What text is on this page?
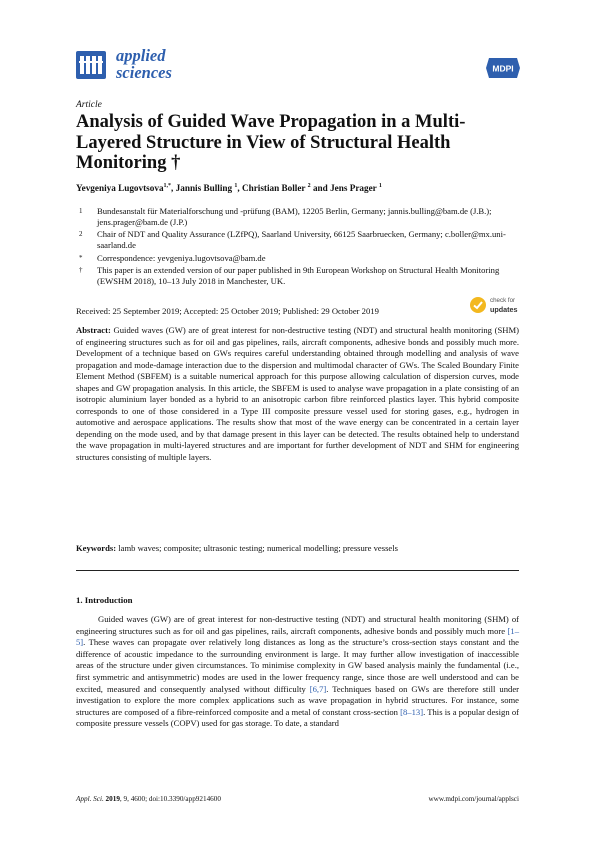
applied
sciences	MDPI
Article
Analysis of Guided Wave Propagation in a Multi-Layered Structure in View of Structural Health Monitoring †
Yevgeniya Lugovtsova$^{1,*}$, Jannis Bulling $^1$, Christian Boller $^2$ and Jens Prager $^1$
1	Bundesanstalt für Materialforschung und -prüfung (BAM), 12205 Berlin, Germany; jannis.bulling@bam.de (J.B.); jens.prager@bam.de (J.P.)
2	Chair of NDT and Quality Assurance (LZfPQ), Saarland University, 66125 Saarbruecken, Germany; c.boller@mx.uni-saarland.de
*	Correspondence: yevgeniya.lugovtsova@bam.de
†	This paper is an extended version of our paper published in 9th European Workshop on Structural Health Monitoring (EWSHM 2018), 10–13 July 2018 in Manchester, UK.
Received: 25 September 2019; Accepted: 25 October 2019; Published: 29 October 2019
check for
updates
Abstract: Guided waves (GW) are of great interest for non-destructive testing (NDT) and structural health monitoring (SHM) of engineering structures such as for oil and gas pipelines, rails, aircraft components, adhesive bonds and possibly much more. Development of a technique based on GWs requires careful understanding obtained through modelling and analysis of wave propagation and mode-damage interaction due to the dispersion and multimodal character of GWs. The Scaled Boundary Finite Element Method (SBFEM) is a suitable numerical approach for this purpose allowing calculation of dispersion curves, mode shapes and GW propagation analysis. In this article, the SBFEM is used to analyse wave propagation in a plate consisting of an isotropic aluminium layer bonded as a hybrid to an anisotropic carbon fibre reinforced plastics layer. This hybrid composite corresponds to one of those considered in a Type III composite pressure vessel used for storing gases, e.g., hydrogen in automotive and aerospace applications. The results show that most of the wave energy can be concentrated in a certain layer depending on the mode used, and by that damage present in this layer can be detected. The results obtained help to understand the wave propagation in multi-layered structures and are important for further development of NDT and SHM for engineering structures consisting of multiple layers.
Keywords: lamb waves; composite; ultrasonic testing; numerical modelling; pressure vessels
1. Introduction
Guided waves (GW) are of great interest for non-destructive testing (NDT) and structural health monitoring (SHM) of engineering structures such as for oil and gas pipelines, rails, aircraft components, adhesive bonds and possibly much more [1–5]. These waves can propagate over relatively long distances as long as the structure’s cross-section stays constant and the difference of acoustic impedance to the surrounding environment is large. It may further allow investigation of inaccessible areas of the structure under given circumstances. To minimise complexity in GW based analysis mainly the fundamental (i.e., first symmetric and antisymmetric) modes are used in the lower frequency range, since those are well understood and can be excited, measured and consequently analysed without difficulty [6,7]. Techniques based on GWs are therefore still under investigation to explore the more complex applications such as wave propagation in hybrid structures. For instance, some structures are composed of a fibre-reinforced composite and a metal of constant cross-section [8–13]. This is a popular design of composite pressure vessels (COPV) used for gas storage. To date, a standard
Appl. Sci. 2019, 9, 4600; doi:10.3390/app9214600	www.mdpi.com/journal/applsci
